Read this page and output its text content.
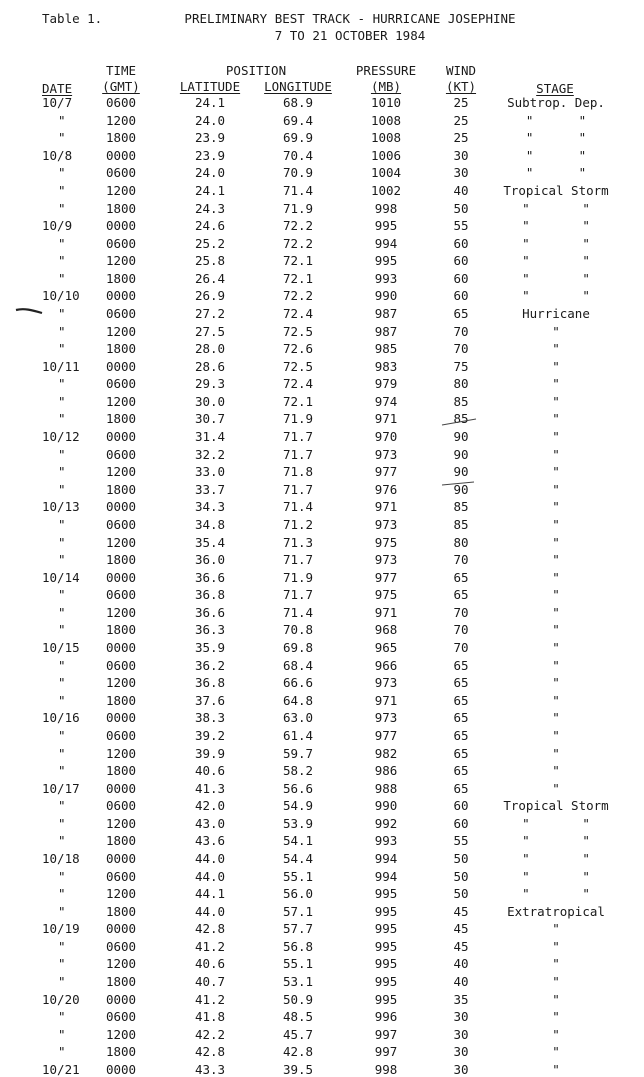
Table 1.	PRELIMINARY BEST TRACK - HURRICANE JOSEPHINE
7 TO 21 OCTOBER 1984
TIME	POSITION	PRESSURE	WIND
DATE	(GMT)	LATITUDE	LONGITUDE	(MB)	(KT)	STAGE
10/7	0600	24.1	68.9	1010	25	Subtrop. Dep.
"	1200	24.0	69.4	1008	25	"      "
"	1800	23.9	69.9	1008	25	"      "
10/8	0000	23.9	70.4	1006	30	"      "
"	0600	24.0	70.9	1004	30	"      "
"	1200	24.1	71.4	1002	40	Tropical Storm
"	1800	24.3	71.9	998	50	"       "
10/9	0000	24.6	72.2	995	55	"       "
"	0600	25.2	72.2	994	60	"       "
"	1200	25.8	72.1	995	60	"       "
"	1800	26.4	72.1	993	60	"       "
10/10	0000	26.9	72.2	990	60	"       "
"	0600	27.2	72.4	987	65	Hurricane
"	1200	27.5	72.5	987	70	"
"	1800	28.0	72.6	985	70	"
10/11	0000	28.6	72.5	983	75	"
"	0600	29.3	72.4	979	80	"
"	1200	30.0	72.1	974	85	"
"	1800	30.7	71.9	971	85	"
10/12	0000	31.4	71.7	970	90	"
"	0600	32.2	71.7	973	90	"
"	1200	33.0	71.8	977	90	"
"	1800	33.7	71.7	976	90	"
10/13	0000	34.3	71.4	971	85	"
"	0600	34.8	71.2	973	85	"
"	1200	35.4	71.3	975	80	"
"	1800	36.0	71.7	973	70	"
10/14	0000	36.6	71.9	977	65	"
"	0600	36.8	71.7	975	65	"
"	1200	36.6	71.4	971	70	"
"	1800	36.3	70.8	968	70	"
10/15	0000	35.9	69.8	965	70	"
"	0600	36.2	68.4	966	65	"
"	1200	36.8	66.6	973	65	"
"	1800	37.6	64.8	971	65	"
10/16	0000	38.3	63.0	973	65	"
"	0600	39.2	61.4	977	65	"
"	1200	39.9	59.7	982	65	"
"	1800	40.6	58.2	986	65	"
10/17	0000	41.3	56.6	988	65	"
"	0600	42.0	54.9	990	60	Tropical Storm
"	1200	43.0	53.9	992	60	"       "
"	1800	43.6	54.1	993	55	"       "
10/18	0000	44.0	54.4	994	50	"       "
"	0600	44.0	55.1	994	50	"       "
"	1200	44.1	56.0	995	50	"       "
"	1800	44.0	57.1	995	45	Extratropical
10/19	0000	42.8	57.7	995	45	"
"	0600	41.2	56.8	995	45	"
"	1200	40.6	55.1	995	40	"
"	1800	40.7	53.1	995	40	"
10/20	0000	41.2	50.9	995	35	"
"	0600	41.8	48.5	996	30	"
"	1200	42.2	45.7	997	30	"
"	1800	42.8	42.8	997	30	"
10/21	0000	43.3	39.5	998	30	"
